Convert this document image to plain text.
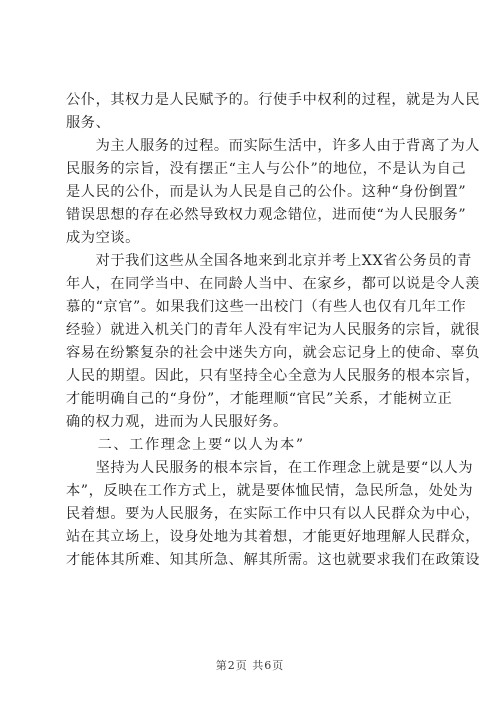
公仆，其权力是人民赋予的。行使手中权利的过程，就是为人民
服务、
　　为主人服务的过程。而实际生活中，许多人由于背离了为人
民服务的宗旨，没有摆正“主人与公仆”的地位，不是认为自己
是人民的公仆，而是认为人民是自己的公仆。这种“身份倒置”
错误思想的存在必然导致权力观念错位，进而使“为人民服务”
成为空谈。
　　对于我们这些从全国各地来到北京并考上XX省公务员的青
年人，在同学当中、在同龄人当中、在家乡，都可以说是令人羡
慕的“京官”。如果我们这些一出校门（有些人也仅有几年工作
经验）就进入机关门的青年人没有牢记为人民服务的宗旨，就很
容易在纷繁复杂的社会中迷失方向，就会忘记身上的使命、辜负
人民的期望。因此，只有坚持全心全意为人民服务的根本宗旨，
才能明确自己的“身份”，才能理顺“官民”关系，才能树立正
确的权力观，进而为人民服好务。
　　二、工作理念上要“以人为本”
　　坚持为人民服务的根本宗旨，在工作理念上就是要“以人为
本”，反映在工作方式上，就是要体恤民情，急民所急，处处为
民着想。要为人民服务，在实际工作中只有以人民群众为中心，
站在其立场上，设身处地为其着想，才能更好地理解人民群众，
才能体其所难、知其所急、解其所需。这也就要求我们在政策设
第2页 共6页
